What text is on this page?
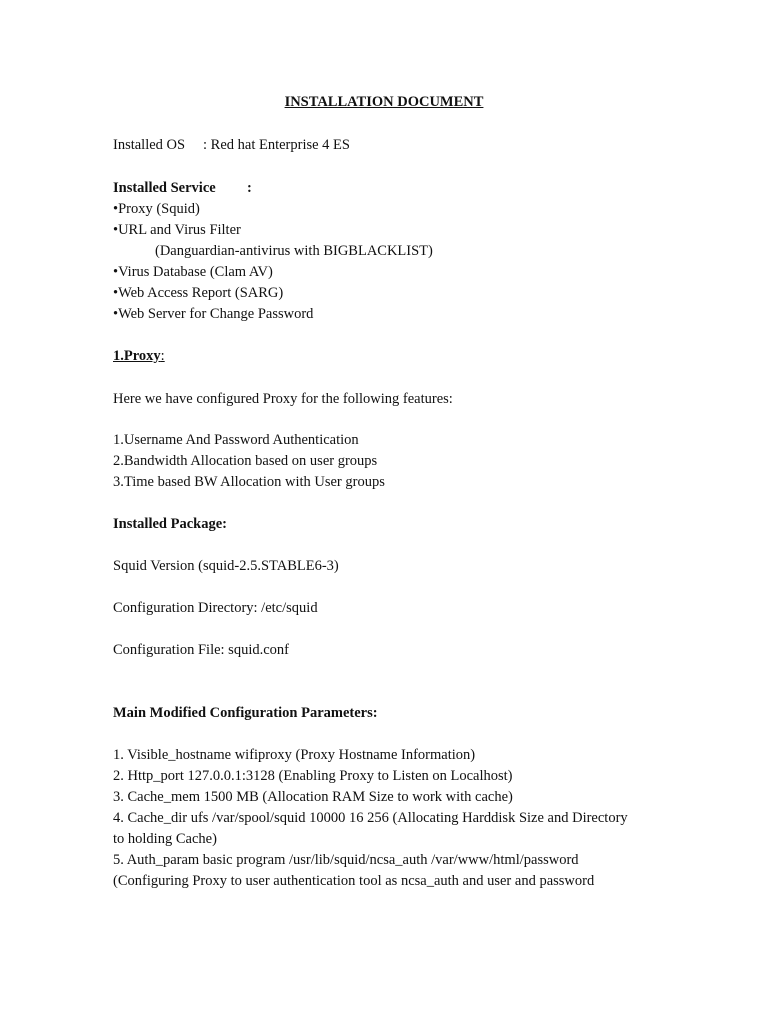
INSTALLATION DOCUMENT
Installed OS : Red hat Enterprise 4 ES
Installed Service :
• Proxy (Squid)
• URL and Virus Filter
(Danguardian-antivirus with BIGBLACKLIST)
• Virus Database (Clam AV)
• Web Access Report (SARG)
• Web Server for Change Password
1.Proxy:
Here we have configured Proxy for the following features:
1.Username And Password Authentication
2.Bandwidth Allocation based on user groups
3.Time based BW Allocation with User groups
Installed Package:
Squid Version (squid-2.5.STABLE6-3)
Configuration Directory: /etc/squid
Configuration File: squid.conf
Main Modified Configuration Parameters:
1. Visible_hostname wifiproxy (Proxy Hostname Information)
2. Http_port 127.0.0.1:3128 (Enabling Proxy to Listen on Localhost)
3. Cache_mem 1500 MB (Allocation RAM Size to work with cache)
4. Cache_dir ufs /var/spool/squid 10000 16 256 (Allocating Harddisk Size and Directory
to holding Cache)
5. Auth_param basic program /usr/lib/squid/ncsa_auth /var/www/html/password
(Configuring Proxy to user authentication tool as ncsa_auth and user and password
